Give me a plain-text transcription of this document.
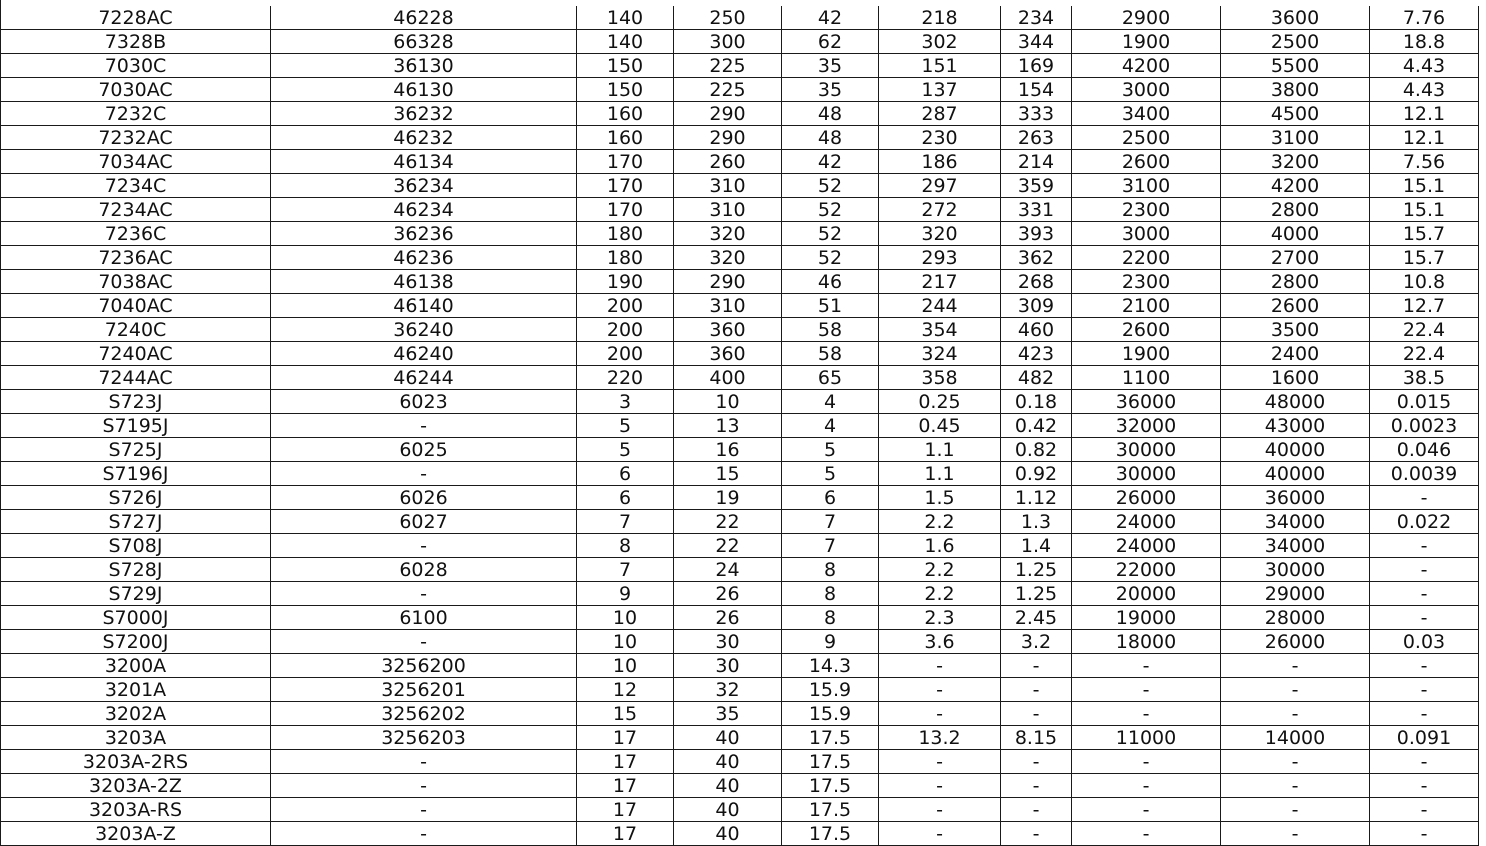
7228AC	46228	140	250	42	218	234	2900	3600	7.76
7328B	66328	140	300	62	302	344	1900	2500	18.8
7030C	36130	150	225	35	151	169	4200	5500	4.43
7030AC	46130	150	225	35	137	154	3000	3800	4.43
7232C	36232	160	290	48	287	333	3400	4500	12.1
7232AC	46232	160	290	48	230	263	2500	3100	12.1
7034AC	46134	170	260	42	186	214	2600	3200	7.56
7234C	36234	170	310	52	297	359	3100	4200	15.1
7234AC	46234	170	310	52	272	331	2300	2800	15.1
7236C	36236	180	320	52	320	393	3000	4000	15.7
7236AC	46236	180	320	52	293	362	2200	2700	15.7
7038AC	46138	190	290	46	217	268	2300	2800	10.8
7040AC	46140	200	310	51	244	309	2100	2600	12.7
7240C	36240	200	360	58	354	460	2600	3500	22.4
7240AC	46240	200	360	58	324	423	1900	2400	22.4
7244AC	46244	220	400	65	358	482	1100	1600	38.5
S723J	6023	3	10	4	0.25	0.18	36000	48000	0.015
S7195J	-	5	13	4	0.45	0.42	32000	43000	0.0023
S725J	6025	5	16	5	1.1	0.82	30000	40000	0.046
S7196J	-	6	15	5	1.1	0.92	30000	40000	0.0039
S726J	6026	6	19	6	1.5	1.12	26000	36000	-
S727J	6027	7	22	7	2.2	1.3	24000	34000	0.022
S708J	-	8	22	7	1.6	1.4	24000	34000	-
S728J	6028	7	24	8	2.2	1.25	22000	30000	-
S729J	-	9	26	8	2.2	1.25	20000	29000	-
S7000J	6100	10	26	8	2.3	2.45	19000	28000	-
S7200J	-	10	30	9	3.6	3.2	18000	26000	0.03
3200A	3256200	10	30	14.3	-	-	-	-	-
3201A	3256201	12	32	15.9	-	-	-	-	-
3202A	3256202	15	35	15.9	-	-	-	-	-
3203A	3256203	17	40	17.5	13.2	8.15	11000	14000	0.091
3203A-2RS	-	17	40	17.5	-	-	-	-	-
3203A-2Z	-	17	40	17.5	-	-	-	-	-
3203A-RS	-	17	40	17.5	-	-	-	-	-
3203A-Z	-	17	40	17.5	-	-	-	-	-
